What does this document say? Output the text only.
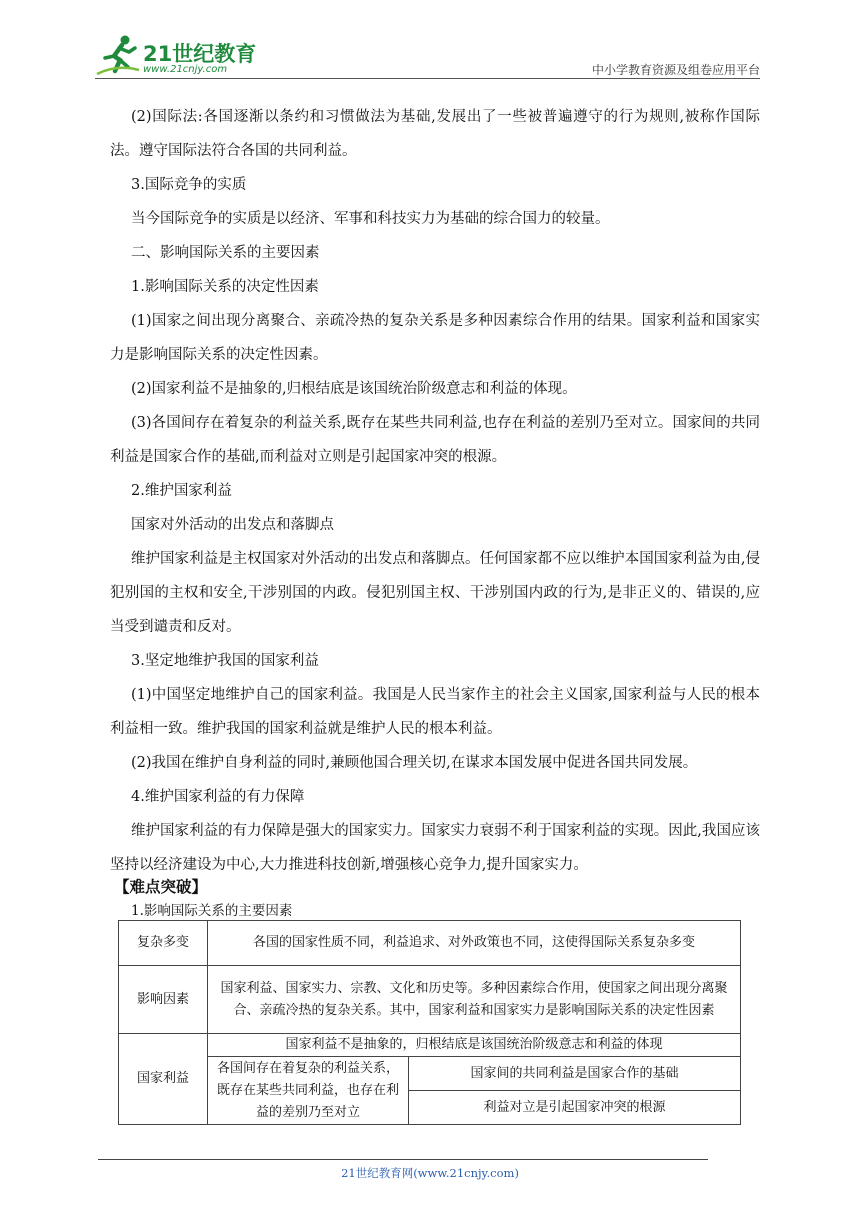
21世纪教育
www.21cnjy.com	中小学教育资源及组卷应用平台

(2)国际法:各国逐渐以条约和习惯做法为基础,发展出了一些被普遍遵守的行为规则,被称作国际法。遵守国际法符合各国的共同利益。

3.国际竞争的实质

当今国际竞争的实质是以经济、军事和科技实力为基础的综合国力的较量。

二、影响国际关系的主要因素

1.影响国际关系的决定性因素

(1)国家之间出现分离聚合、亲疏冷热的复杂关系是多种因素综合作用的结果。国家利益和国家实力是影响国际关系的决定性因素。

(2)国家利益不是抽象的,归根结底是该国统治阶级意志和利益的体现。

(3)各国间存在着复杂的利益关系,既存在某些共同利益,也存在利益的差别乃至对立。国家间的共同利益是国家合作的基础,而利益对立则是引起国家冲突的根源。

2.维护国家利益

国家对外活动的出发点和落脚点

维护国家利益是主权国家对外活动的出发点和落脚点。任何国家都不应以维护本国国家利益为由,侵犯别国的主权和安全,干涉别国的内政。侵犯别国主权、干涉别国内政的行为,是非正义的、错误的,应当受到谴责和反对。

3.坚定地维护我国的国家利益

(1)中国坚定地维护自己的国家利益。我国是人民当家作主的社会主义国家,国家利益与人民的根本利益相一致。维护我国的国家利益就是维护人民的根本利益。

(2)我国在维护自身利益的同时,兼顾他国合理关切,在谋求本国发展中促进各国共同发展。

4.维护国家利益的有力保障

维护国家利益的有力保障是强大的国家实力。国家实力衰弱不利于国家利益的实现。因此,我国应该坚持以经济建设为中心,大力推进科技创新,增强核心竞争力,提升国家实力。

【难点突破】
1.影响国际关系的主要因素
复杂多变	各国的国家性质不同，利益追求、对外政策也不同，这使得国际关系复杂多变	
影响因素	国家利益、国家实力、宗教、文化和历史等。多种因素综合作用，使国家之间出现分离聚合、亲疏冷热的复杂关系。其中，国家利益和国家实力是影响国际关系的决定性因素	
国家利益	国家利益不是抽象的，归根结底是该国统治阶级意志和利益的体现	
	各国间存在着复杂的利益关系，既存在某些共同利益，也存在利益的差别乃至对立	国家间的共同利益是国家合作的基础
		利益对立是引起国家冲突的根源
21世纪教育网(www.21cnjy.com)
